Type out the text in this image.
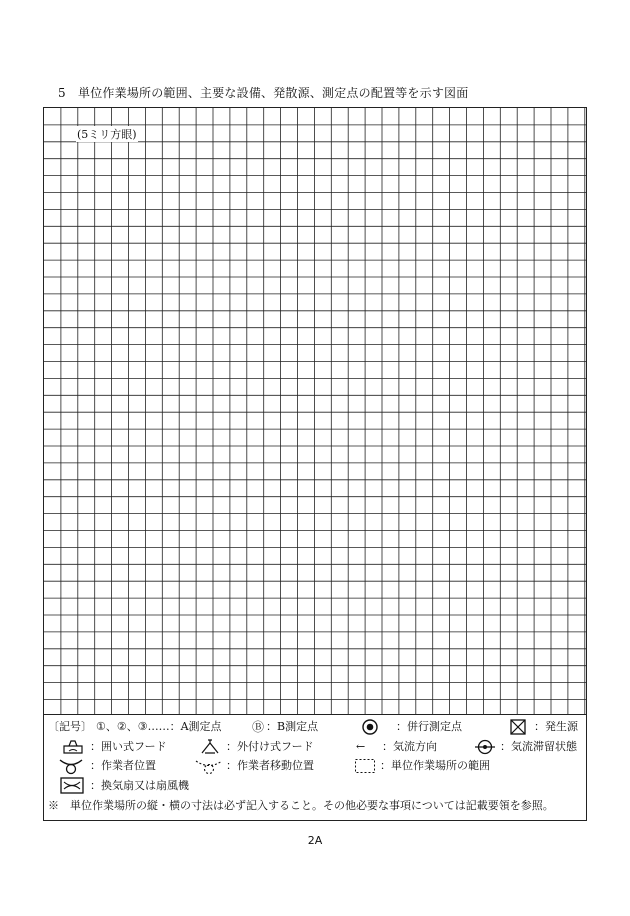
5　単位作業場所の範囲、主要な設備、発散源、測定点の配置等を示す図面
〔記号〕 ①、②、③……：A測定点	Ⓑ ：B測定点	：併行測定点	：発生源
：囲い式フード	：外付け式フード	← ：気流方向	：気流滞留状態
：作業者位置	：作業者移動位置	：単位作業場所の範囲
：換気扇又は扇風機
※　単位作業場所の縦・横の寸法は必ず記入すること。その他必要な事項については記載要領を参照。
(5ミリ方眼)
2A
